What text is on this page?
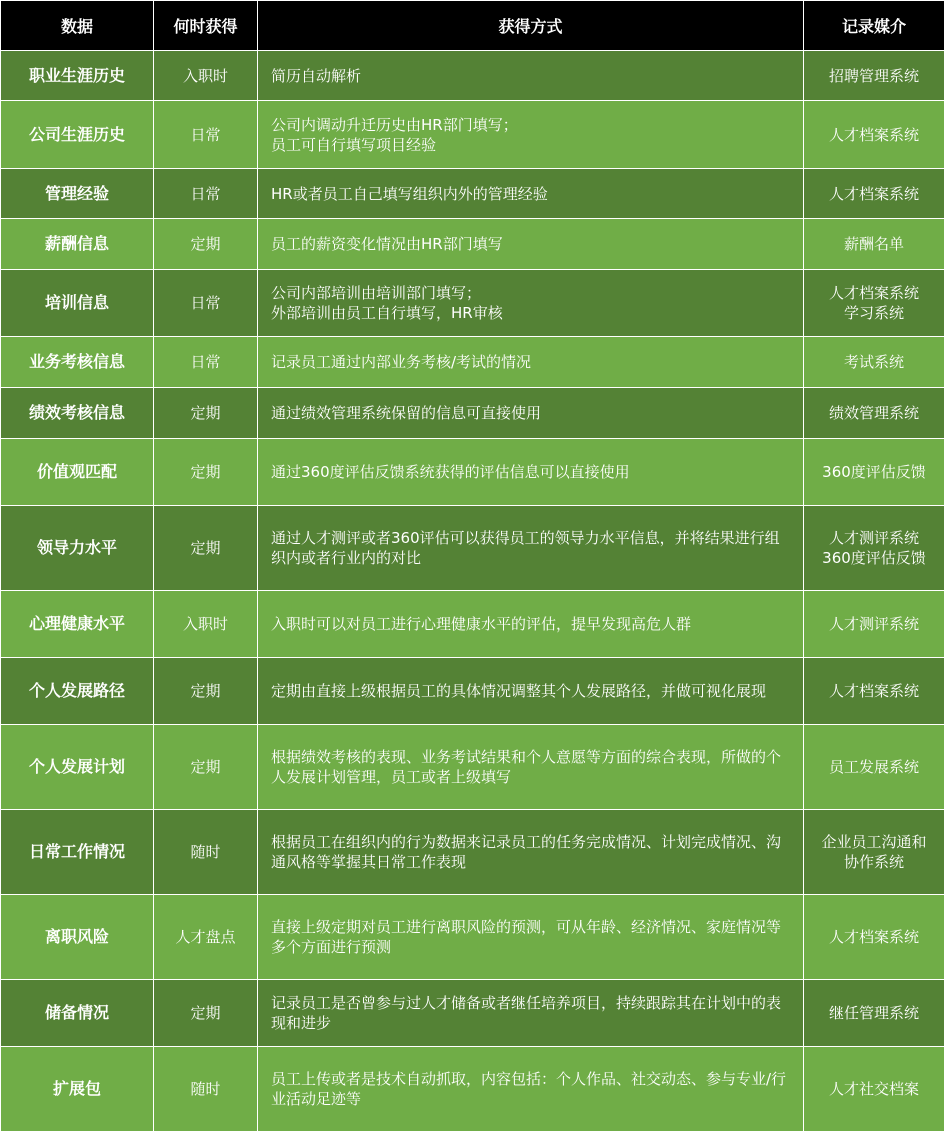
数据	何时获得	获得方式	记录媒介
职业生涯历史	入职时	简历自动解析	招聘管理系统

公司生涯历史	日常	公司内调动升迁历史由HR部门填写；
员工可自行填写项目经验	人才档案系统

管理经验	日常	HR或者员工自己填写组织内外的管理经验	人才档案系统

薪酬信息	定期	员工的薪资变化情况由HR部门填写	薪酬名单

培训信息	日常	公司内部培训由培训部门填写；
外部培训由员工自行填写，HR审核	人才档案系统
学习系统

业务考核信息	日常	记录员工通过内部业务考核/考试的情况	考试系统

绩效考核信息	定期	通过绩效管理系统保留的信息可直接使用	绩效管理系统

价值观匹配	定期	通过360度评估反馈系统获得的评估信息可以直接使用	360度评估反馈

领导力水平	定期	通过人才测评或者360评估可以获得员工的领导力水平信息，并将结果进行组织内或者行业内的对比	人才测评系统
360度评估反馈

心理健康水平	入职时	入职时可以对员工进行心理健康水平的评估，提早发现高危人群	人才测评系统

个人发展路径	定期	定期由直接上级根据员工的具体情况调整其个人发展路径，并做可视化展现	人才档案系统

个人发展计划	定期	根据绩效考核的表现、业务考试结果和个人意愿等方面的综合表现，所做的个人发展计划管理，员工或者上级填写	员工发展系统

日常工作情况	随时	根据员工在组织内的行为数据来记录员工的任务完成情况、计划完成情况、沟通风格等掌握其日常工作表现	企业员工沟通和
协作系统

离职风险	人才盘点	直接上级定期对员工进行离职风险的预测，可从年龄、经济情况、家庭情况等多个方面进行预测	人才档案系统

储备情况	定期	记录员工是否曾参与过人才储备或者继任培养项目，持续跟踪其在计划中的表现和进步	继任管理系统

扩展包	随时	员工上传或者是技术自动抓取，内容包括：个人作品、社交动态、参与专业/行业活动足迹等	人才社交档案
